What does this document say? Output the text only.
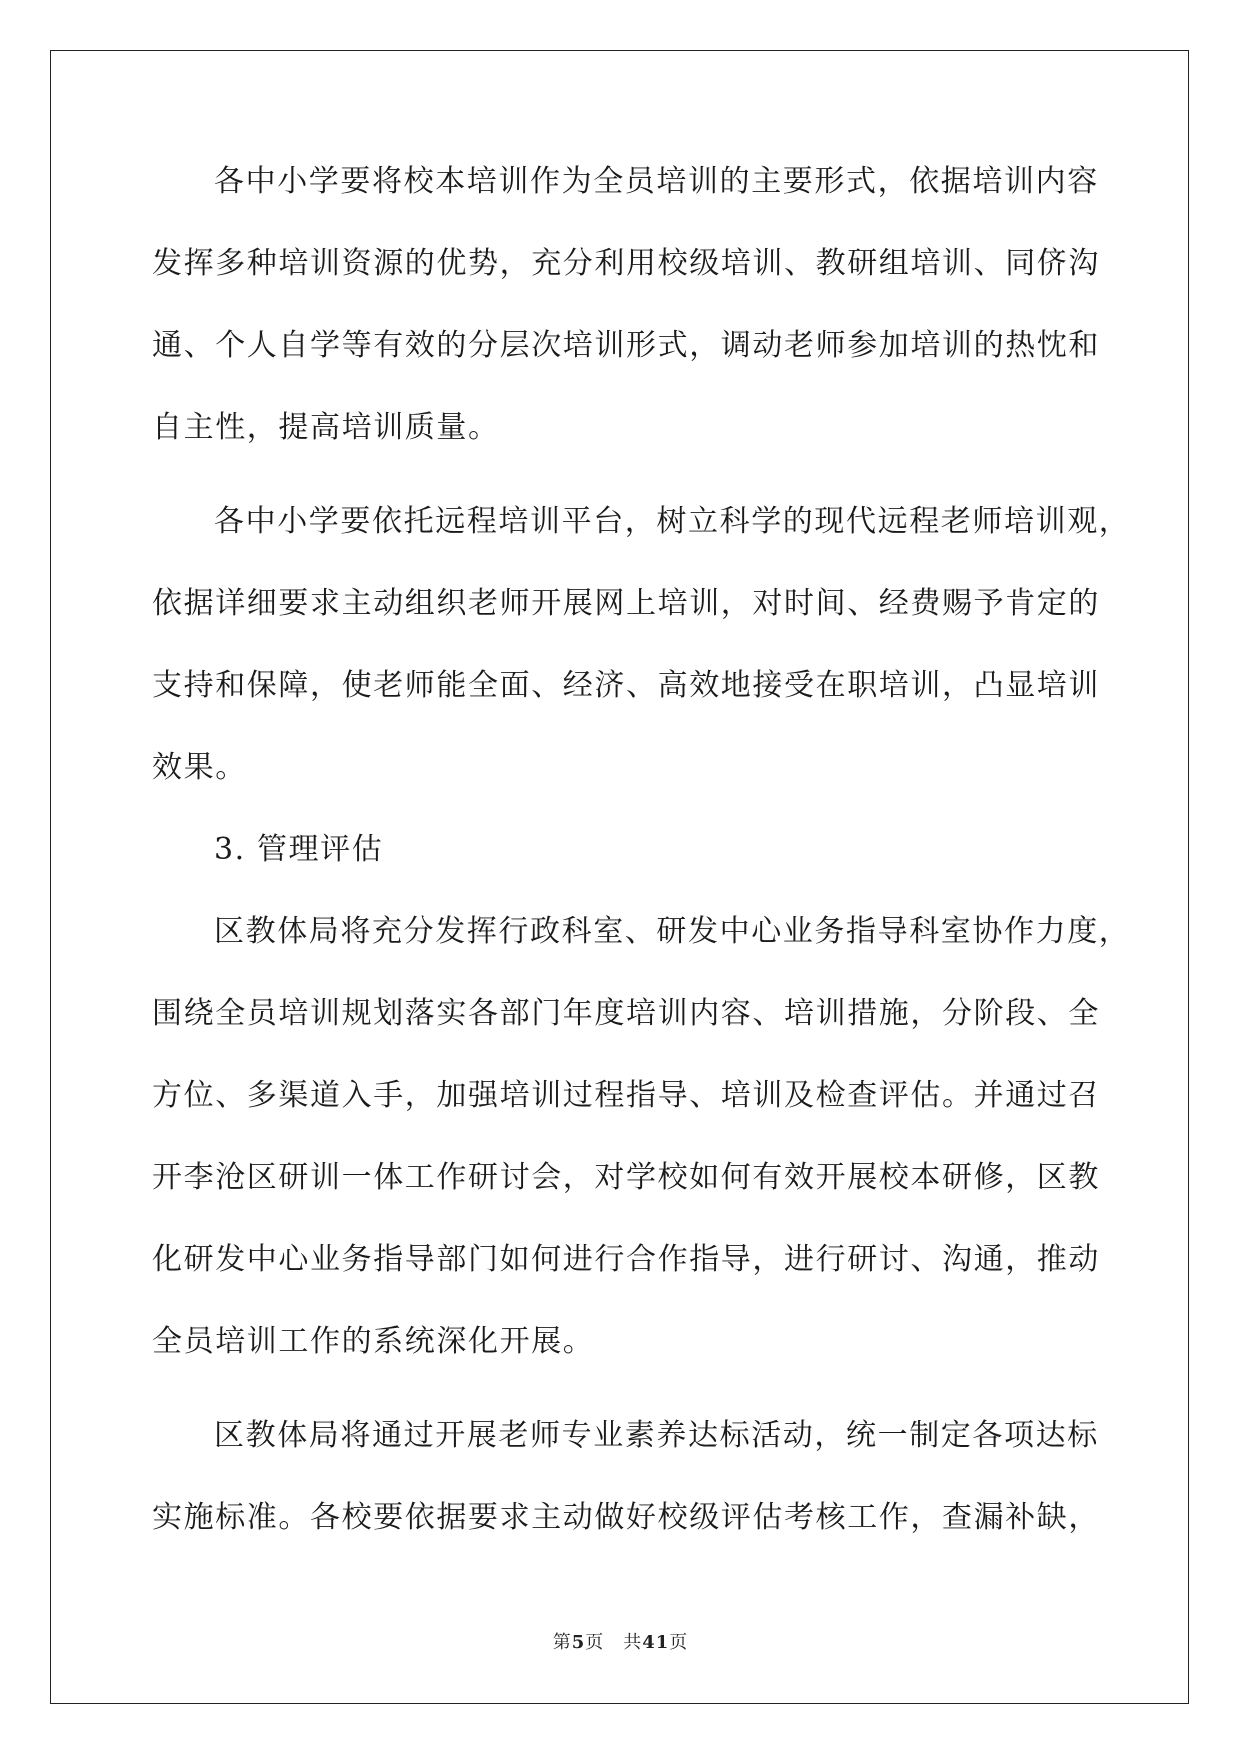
各中小学要将校本培训作为全员培训的主要形式，依据培训内容
发挥多种培训资源的优势，充分利用校级培训、教研组培训、同侪沟
通、个人自学等有效的分层次培训形式，调动老师参加培训的热忱和
自主性，提高培训质量。
各中小学要依托远程培训平台，树立科学的现代远程老师培训观，
依据详细要求主动组织老师开展网上培训，对时间、经费赐予肯定的
支持和保障，使老师能全面、经济、高效地接受在职培训，凸显培训
效果。
3. 管理评估
区教体局将充分发挥行政科室、研发中心业务指导科室协作力度，
围绕全员培训规划落实各部门年度培训内容、培训措施，分阶段、全
方位、多渠道入手，加强培训过程指导、培训及检查评估。并通过召
开李沧区研训一体工作研讨会，对学校如何有效开展校本研修，区教
化研发中心业务指导部门如何进行合作指导，进行研讨、沟通，推动
全员培训工作的系统深化开展。
区教体局将通过开展老师专业素养达标活动，统一制定各项达标
实施标准。各校要依据要求主动做好校级评估考核工作，查漏补缺，
第5页　共41页
